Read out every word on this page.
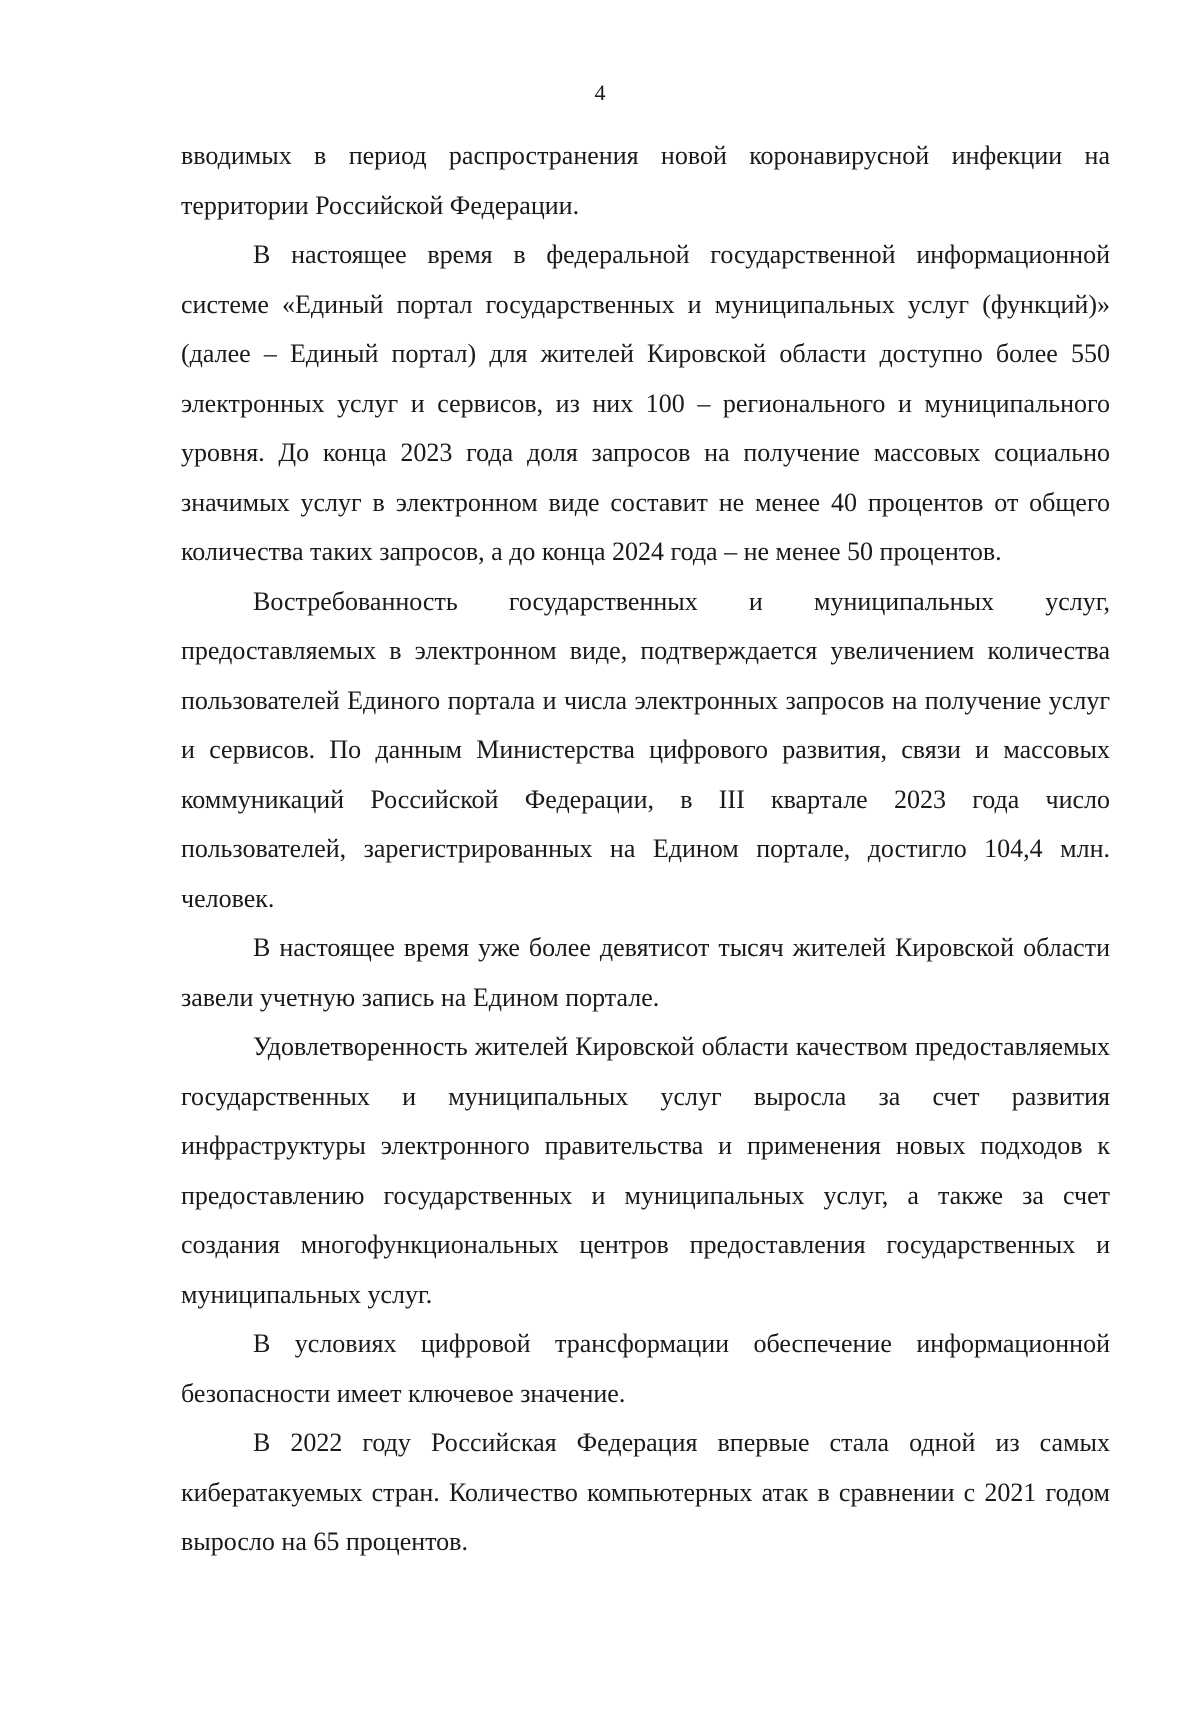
4

вводимых в период распространения новой коронавирусной инфекции на территории Российской Федерации.

В настоящее время в федеральной государственной информационной системе «Единый портал государственных и муниципальных услуг (функций)» (далее – Единый портал) для жителей Кировской области доступно более 550 электронных услуг и сервисов, из них 100 – регионального и муниципального уровня. До конца 2023 года доля запросов на получение массовых социально значимых услуг в электронном виде составит не менее 40 процентов от общего количества таких запросов, а до конца 2024 года – не менее 50 процентов.

Востребованность государственных и муниципальных услуг, предоставляемых в электронном виде, подтверждается увеличением количества пользователей Единого портала и числа электронных запросов на получение услуг и сервисов. По данным Министерства цифрового развития, связи и массовых коммуникаций Российской Федерации, в III квартале 2023 года число пользователей, зарегистрированных на Едином портале, достигло 104,4 млн. человек.

В настоящее время уже более девятисот тысяч жителей Кировской области завели учетную запись на Едином портале.

Удовлетворенность жителей Кировской области качеством предоставляемых государственных и муниципальных услуг выросла за счет развития инфраструктуры электронного правительства и применения новых подходов к предоставлению государственных и муниципальных услуг, а также за счет создания многофункциональных центров предоставления государственных и муниципальных услуг.

В условиях цифровой трансформации обеспечение информационной безопасности имеет ключевое значение.

В 2022 году Российская Федерация впервые стала одной из самых кибератакуемых стран. Количество компьютерных атак в сравнении с 2021 годом выросло на 65 процентов.
